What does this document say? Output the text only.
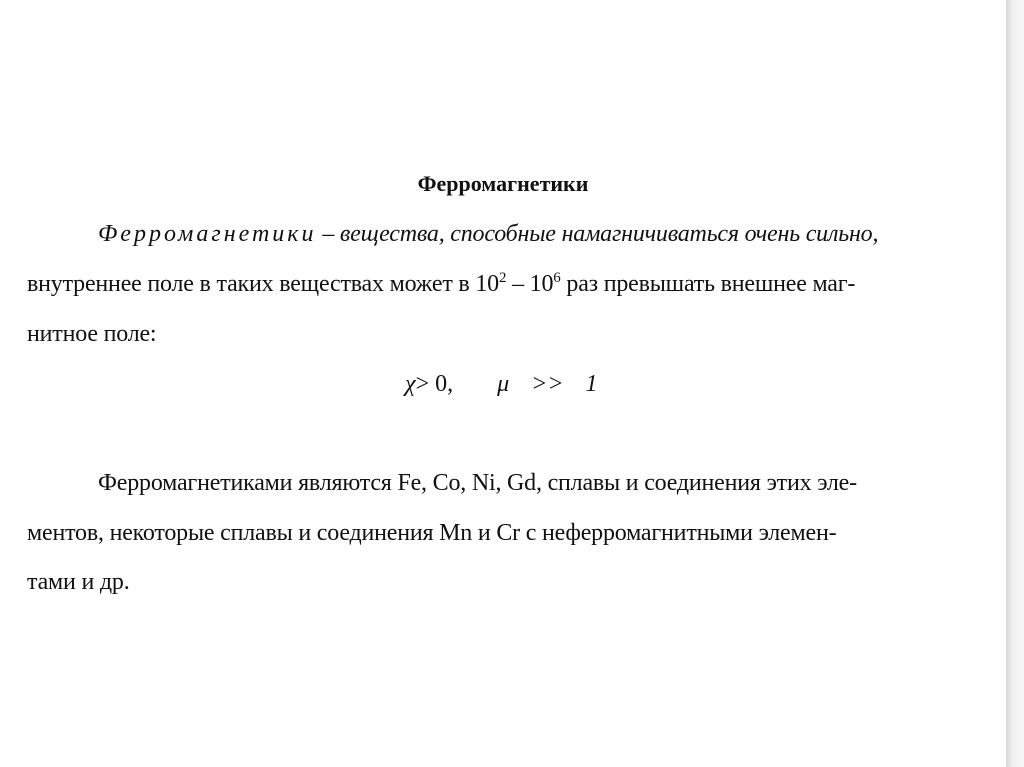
Ферромагнетики
Ферромагнетики – вещества, способные намагничиваться очень сильно,
внутреннее поле в таких веществах может в $10^2 - 10^6$ раз превышать внешнее маг-
нитное поле:
χ> 0, μ >> 1
Ферромагнетиками являются Fe, Co, Ni, Gd, сплавы и соединения этих эле-
ментов, некоторые сплавы и соединения Mn и Cr с неферромагнитными элемен-
тами и др.
